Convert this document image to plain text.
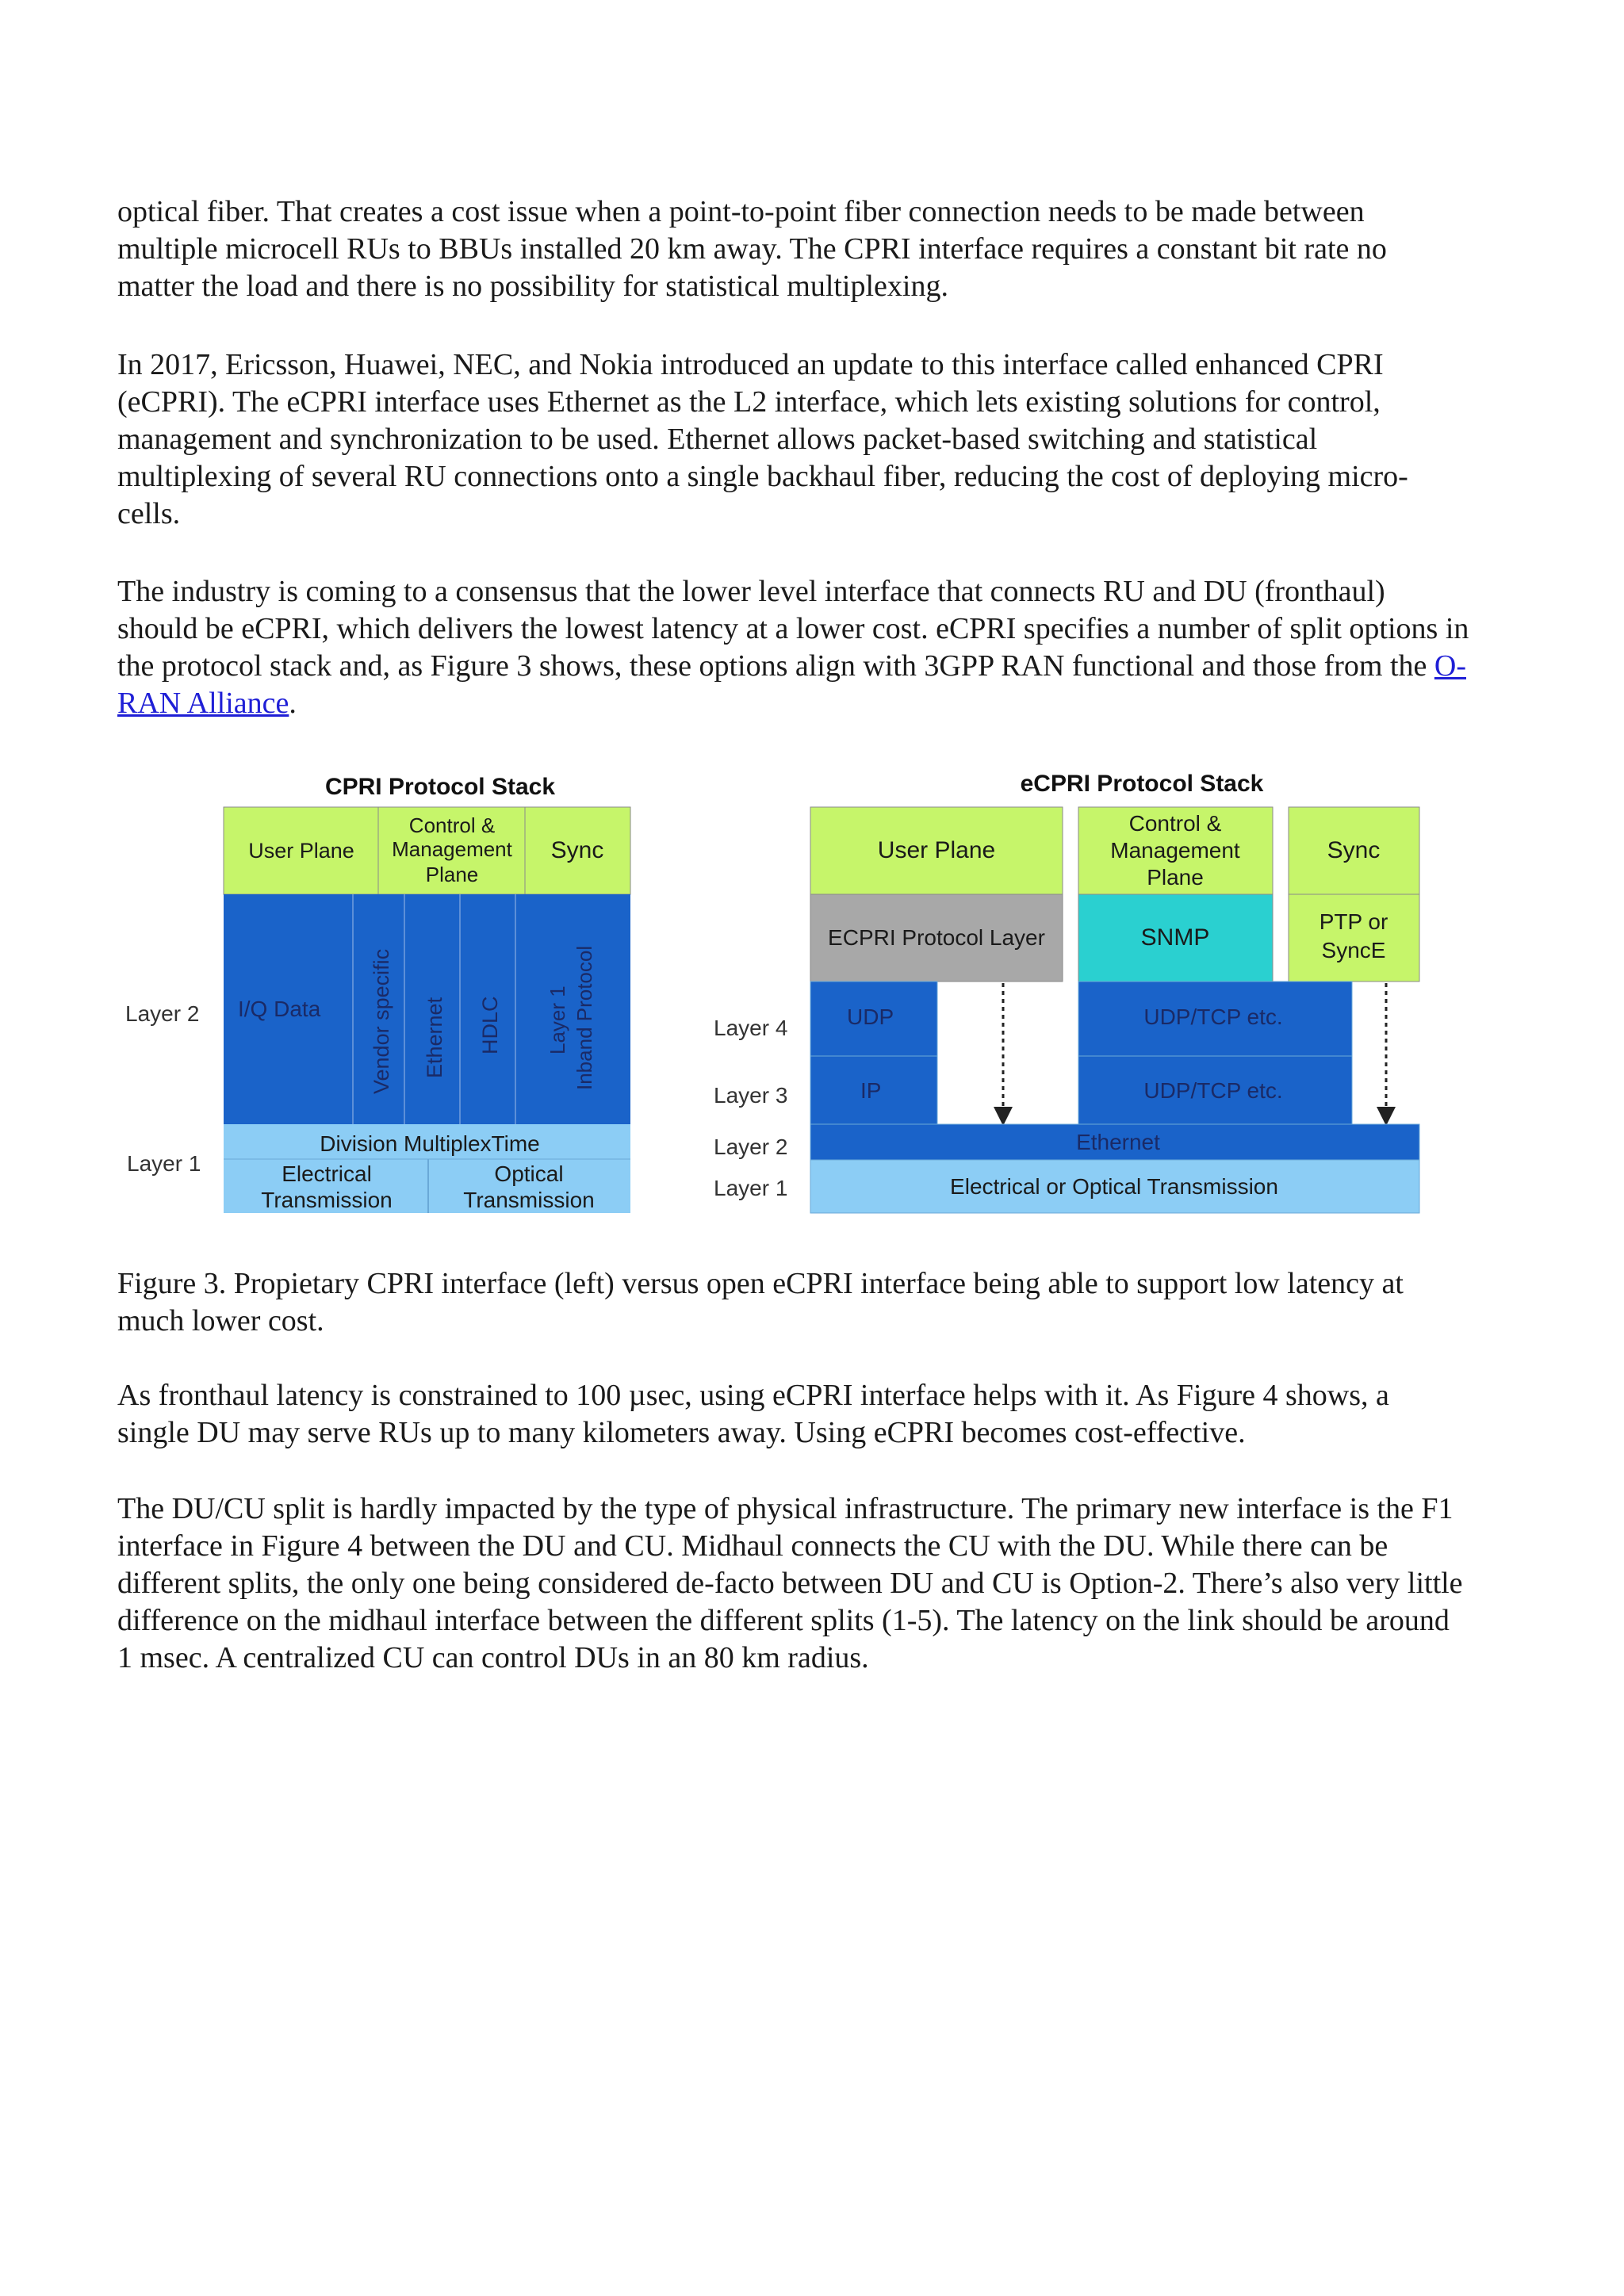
optical fiber. That creates a cost issue when a point-to-point fiber connection needs to be made between
multiple microcell RUs to BBUs installed 20 km away. The CPRI interface requires a constant bit rate no
matter the load and there is no possibility for statistical multiplexing.

In 2017, Ericsson, Huawei, NEC, and Nokia introduced an update to this interface called enhanced CPRI
(eCPRI). The eCPRI interface uses Ethernet as the L2 interface, which lets existing solutions for control,
management and synchronization to be used. Ethernet allows packet-based switching and statistical
multiplexing of several RU connections onto a single backhaul fiber, reducing the cost of deploying micro-
cells.

The industry is coming to a consensus that the lower level interface that connects RU and DU (fronthaul)
should be eCPRI, which delivers the lowest latency at a lower cost. eCPRI specifies a number of split options in
the protocol stack and, as Figure 3 shows, these options align with 3GPP RAN functional and those from the O-
RAN Alliance.

CPRI Protocol Stack
User Plane
Control &
Management
Plane
Sync
I/Q Data Vendor specific Ethernet HDLC Layer 1 Inband Protocol
Division MultiplexTime
Electrical
Transmission
Optical
Transmission
Layer 2
Layer 1
eCPRI Protocol Stack
User Plane
Control &
Management
Plane
Sync
ECPRI Protocol Layer	SNMP
PTP or
SyncE
UDP	UDP/TCP etc.
IP	UDP/TCP etc.
Ethernet
Electrical or Optical Transmission
Layer 4
Layer 3
Layer 2
Layer 1

Figure 3. Propietary CPRI interface (left) versus open eCPRI interface being able to support low latency at
much lower cost.

As fronthaul latency is constrained to 100 µsec, using eCPRI interface helps with it. As Figure 4 shows, a
single DU may serve RUs up to many kilometers away. Using eCPRI becomes cost-effective.

The DU/CU split is hardly impacted by the type of physical infrastructure. The primary new interface is the F1
interface in Figure 4 between the DU and CU. Midhaul connects the CU with the DU. While there can be
different splits, the only one being considered de-facto between DU and CU is Option-2. There’s also very little
difference on the midhaul interface between the different splits (1-5). The latency on the link should be around
1 msec. A centralized CU can control DUs in an 80 km radius.
